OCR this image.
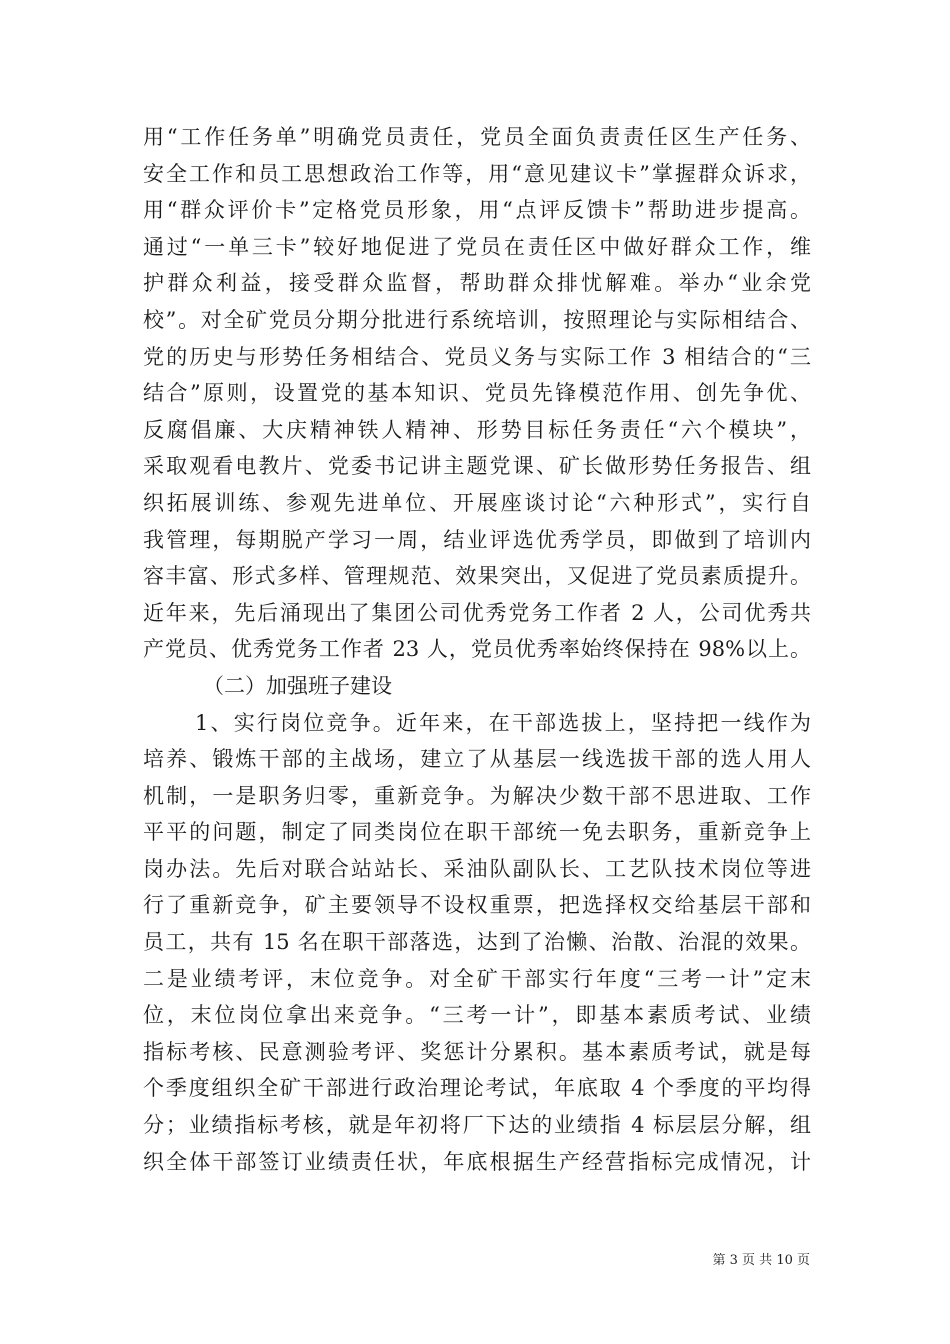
用“工作任务单”明确党员责任，党员全面负责责任区生产任务、
安全工作和员工思想政治工作等，用“意见建议卡”掌握群众诉求，
用“群众评价卡”定格党员形象，用“点评反馈卡”帮助进步提高。
通过“一单三卡”较好地促进了党员在责任区中做好群众工作，维
护群众利益，接受群众监督，帮助群众排忧解难。举办“业余党
校”。对全矿党员分期分批进行系统培训，按照理论与实际相结合、
党的历史与形势任务相结合、党员义务与实际工作 3 相结合的“三
结合”原则，设置党的基本知识、党员先锋模范作用、创先争优、
反腐倡廉、大庆精神铁人精神、形势目标任务责任“六个模块”，
采取观看电教片、党委书记讲主题党课、矿长做形势任务报告、组
织拓展训练、参观先进单位、开展座谈讨论“六种形式”，实行自
我管理，每期脱产学习一周，结业评选优秀学员，即做到了培训内
容丰富、形式多样、管理规范、效果突出，又促进了党员素质提升。
近年来，先后涌现出了集团公司优秀党务工作者 2 人，公司优秀共
产党员、优秀党务工作者 23 人，党员优秀率始终保持在 98%以上。
（二）加强班子建设
1、实行岗位竞争。近年来，在干部选拔上，坚持把一线作为
培养、锻炼干部的主战场，建立了从基层一线选拔干部的选人用人
机制，一是职务归零，重新竞争。为解决少数干部不思进取、工作
平平的问题，制定了同类岗位在职干部统一免去职务，重新竞争上
岗办法。先后对联合站站长、采油队副队长、工艺队技术岗位等进
行了重新竞争，矿主要领导不设权重票，把选择权交给基层干部和
员工，共有 15 名在职干部落选，达到了治懒、治散、治混的效果。
二是业绩考评，末位竞争。对全矿干部实行年度“三考一计”定末
位，末位岗位拿出来竞争。“三考一计”，即基本素质考试、业绩
指标考核、民意测验考评、奖惩计分累积。基本素质考试，就是每
个季度组织全矿干部进行政治理论考试，年底取 4 个季度的平均得
分；业绩指标考核，就是年初将厂下达的业绩指 4 标层层分解，组
织全体干部签订业绩责任状，年底根据生产经营指标完成情况，计
第 3 页 共 10 页
